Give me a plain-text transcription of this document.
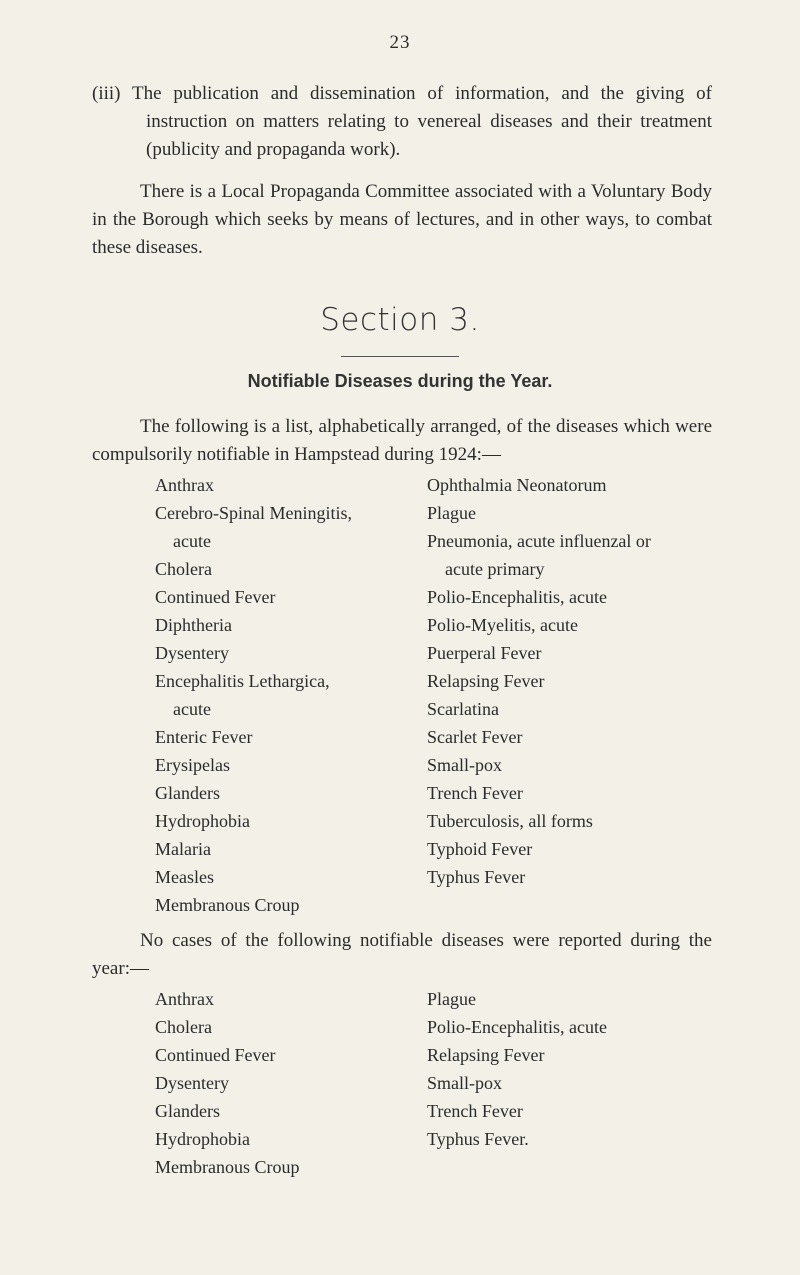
23

(iii) The publication and dissemination of information, and the giving of instruction on matters relating to venereal diseases and their treatment (publicity and propaganda work).

There is a Local Propaganda Committee associated with a Voluntary Body in the Borough which seeks by means of lectures, and in other ways, to combat these diseases.

Section 3.
Notifiable Diseases during the Year.

The following is a list, alphabetically arranged, of the diseases which were compulsorily notifiable in Hampstead during 1924:—

Anthrax
Cerebro-Spinal Meningitis,
acute
Cholera
Continued Fever
Diphtheria
Dysentery
Encephalitis Lethargica,
acute
Enteric Fever
Erysipelas
Glanders
Hydrophobia
Malaria
Measles
Membranous Croup
Ophthalmia Neonatorum
Plague
Pneumonia, acute influenzal or
acute primary
Polio-Encephalitis, acute
Polio-Myelitis, acute
Puerperal Fever
Relapsing Fever
Scarlatina
Scarlet Fever
Small-pox
Trench Fever
Tuberculosis, all forms
Typhoid Fever
Typhus Fever

No cases of the following notifiable diseases were reported during the year:—

Anthrax
Cholera
Continued Fever
Dysentery
Glanders
Hydrophobia
Membranous Croup
Plague
Polio-Encephalitis, acute
Relapsing Fever
Small-pox
Trench Fever
Typhus Fever.
